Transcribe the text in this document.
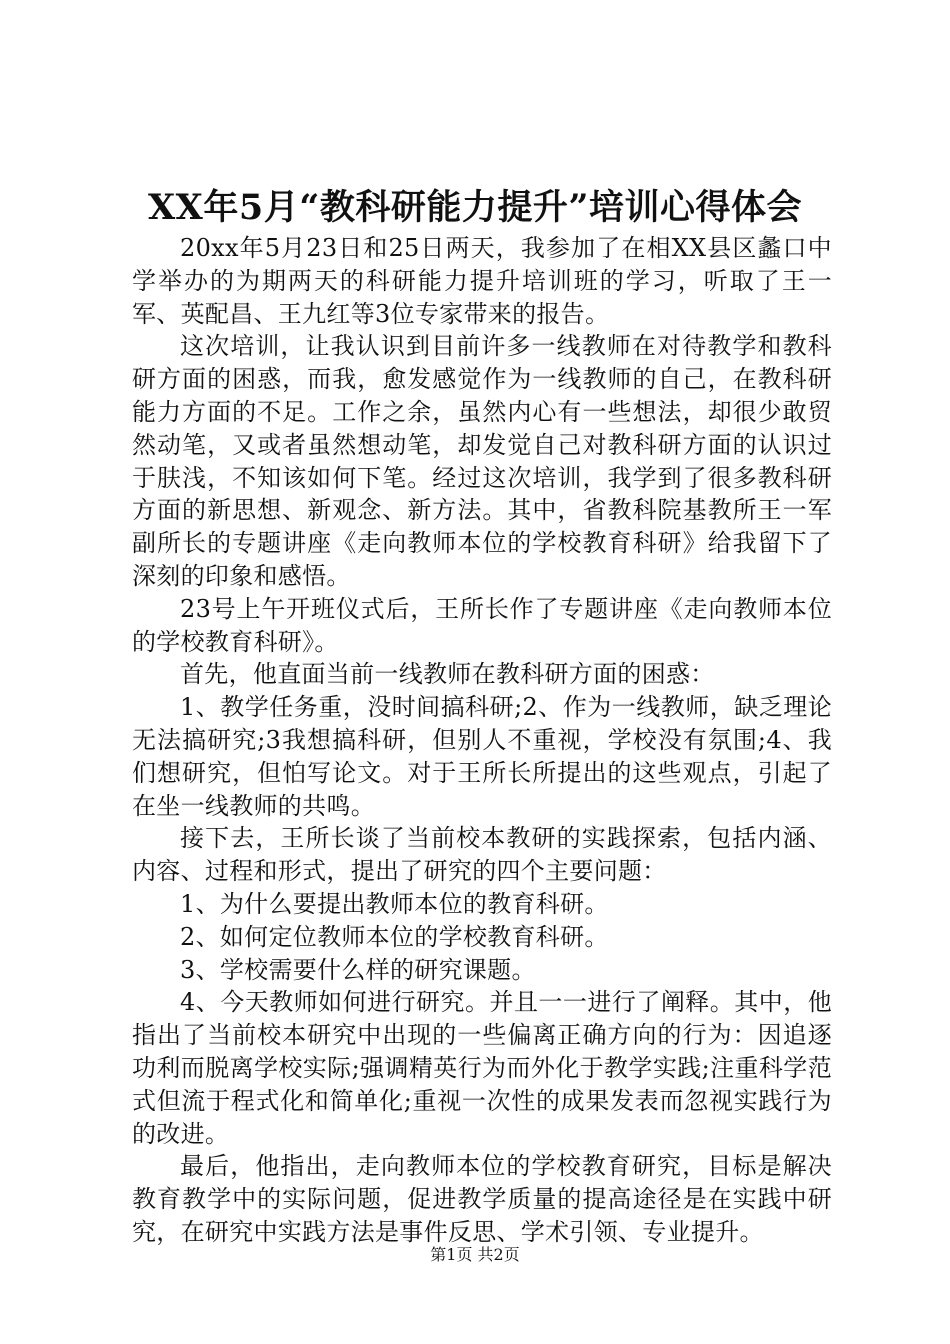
XX年5月“教科研能力提升”培训心得体会

20xx年5月23日和25日两天，我参加了在相XX县区蠡口中学举办的为期两天的科研能力提升培训班的学习，听取了王一军、英配昌、王九红等3位专家带来的报告。

这次培训，让我认识到目前许多一线教师在对待教学和教科研方面的困惑，而我，愈发感觉作为一线教师的自己，在教科研能力方面的不足。工作之余，虽然内心有一些想法，却很少敢贸然动笔，又或者虽然想动笔，却发觉自己对教科研方面的认识过于肤浅，不知该如何下笔。经过这次培训，我学到了很多教科研方面的新思想、新观念、新方法。其中，省教科院基教所王一军副所长的专题讲座《走向教师本位的学校教育科研》给我留下了深刻的印象和感悟。

23号上午开班仪式后，王所长作了专题讲座《走向教师本位的学校教育科研》。

首先，他直面当前一线教师在教科研方面的困惑：

1、教学任务重，没时间搞科研;2、作为一线教师，缺乏理论无法搞研究;3我想搞科研，但别人不重视，学校没有氛围;4、我们想研究，但怕写论文。对于王所长所提出的这些观点，引起了在坐一线教师的共鸣。

接下去，王所长谈了当前校本教研的实践探索，包括内涵、内容、过程和形式，提出了研究的四个主要问题：

1、为什么要提出教师本位的教育科研。

2、如何定位教师本位的学校教育科研。

3、学校需要什么样的研究课题。

4、今天教师如何进行研究。并且一一进行了阐释。其中，他指出了当前校本研究中出现的一些偏离正确方向的行为：因追逐功利而脱离学校实际;强调精英行为而外化于教学实践;注重科学范式但流于程式化和简单化;重视一次性的成果发表而忽视实践行为的改进。

最后，他指出，走向教师本位的学校教育研究，目标是解决教育教学中的实际问题，促进教学质量的提高途径是在实践中研究，在研究中实践方法是事件反思、学术引领、专业提升。

第1页 共2页
